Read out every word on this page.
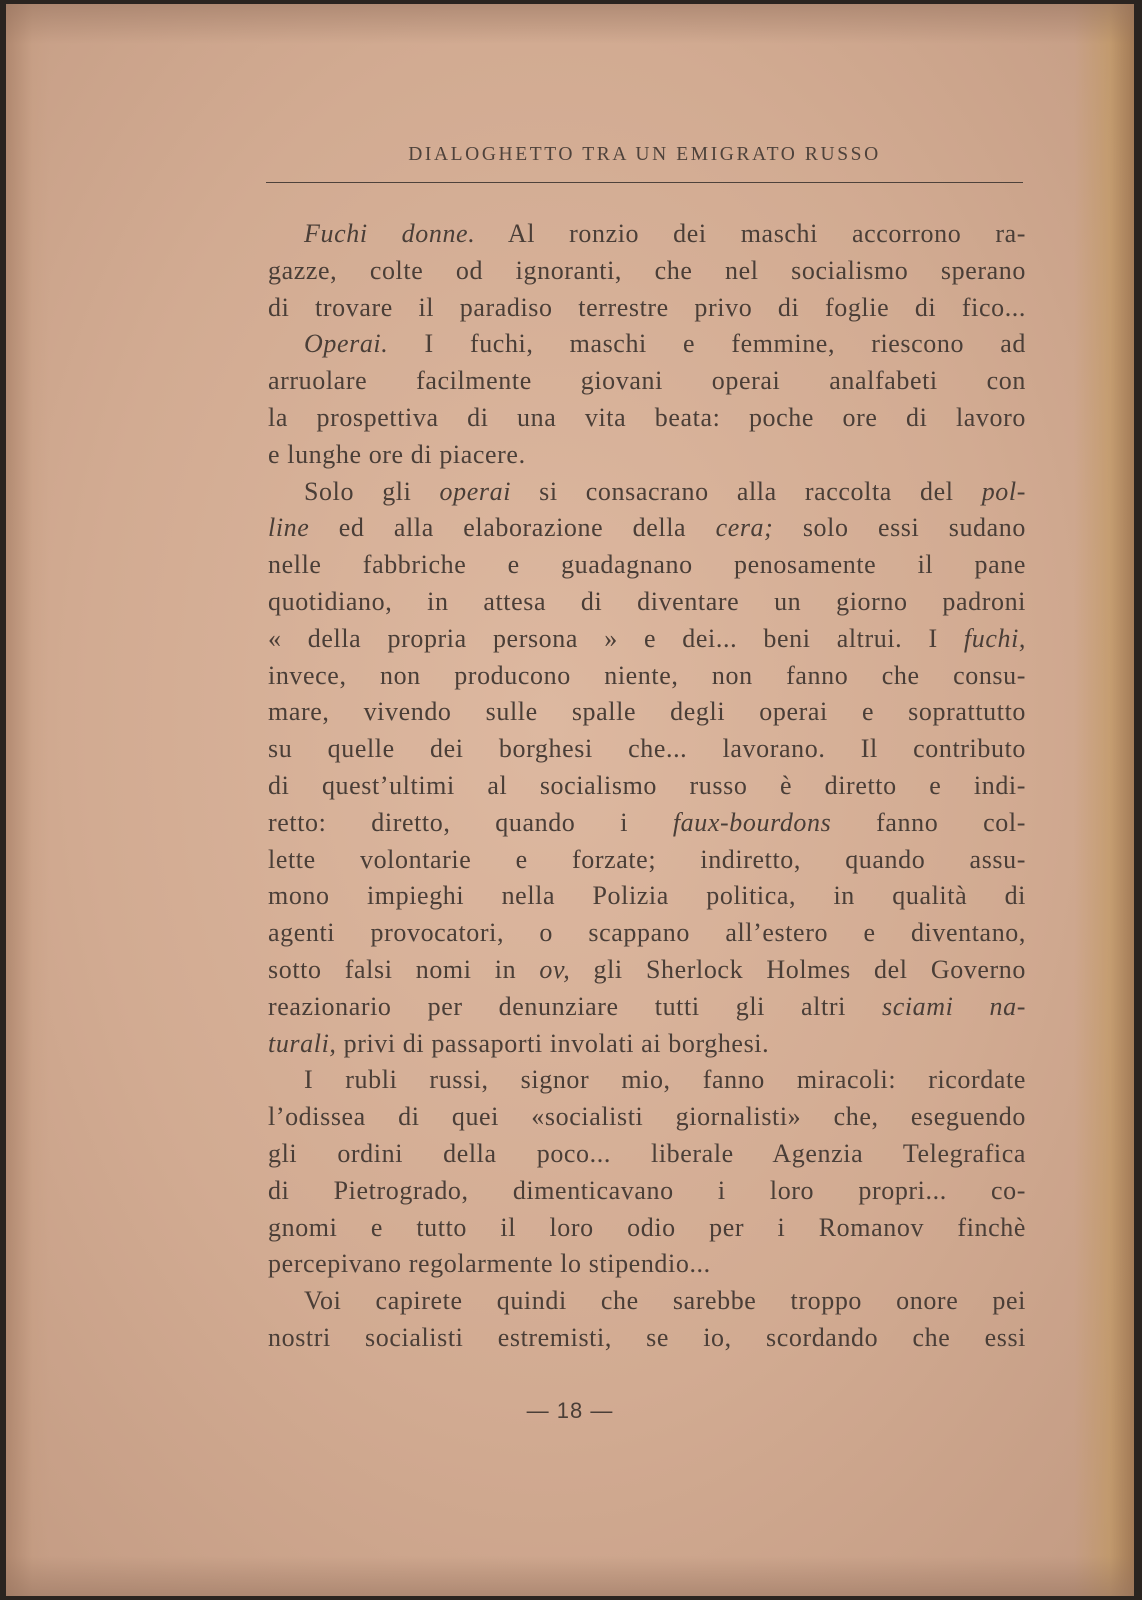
DIALOGHETTO TRA UN EMIGRATO RUSSO
Fuchi donne. Al ronzio dei maschi accorrono ra-
gazze, colte od ignoranti, che nel socialismo sperano
di trovare il paradiso terrestre privo di foglie di fico...
Operai. I fuchi, maschi e femmine, riescono ad
arruolare facilmente giovani operai analfabeti con
la prospettiva di una vita beata: poche ore di lavoro
e lunghe ore di piacere.
Solo gli operai si consacrano alla raccolta del pol-
line ed alla elaborazione della cera; solo essi sudano
nelle fabbriche e guadagnano penosamente il pane
quotidiano, in attesa di diventare un giorno padroni
« della propria persona » e dei... beni altrui. I fuchi,
invece, non producono niente, non fanno che consu-
mare, vivendo sulle spalle degli operai e soprattutto
su quelle dei borghesi che... lavorano. Il contributo
di quest’ultimi al socialismo russo è diretto e indi-
retto: diretto, quando i faux-bourdons fanno col-
lette volontarie e forzate; indiretto, quando assu-
mono impieghi nella Polizia politica, in qualità di
agenti provocatori, o scappano all’estero e diventano,
sotto falsi nomi in ov, gli Sherlock Holmes del Governo
reazionario per denunziare tutti gli altri sciami na-
turali, privi di passaporti involati ai borghesi.
I rubli russi, signor mio, fanno miracoli: ricordate
l’odissea di quei «socialisti giornalisti» che, eseguendo
gli ordini della poco... liberale Agenzia Telegrafica
di Pietrogrado, dimenticavano i loro propri... co-
gnomi e tutto il loro odio per i Romanov finchè
percepivano regolarmente lo stipendio...
Voi capirete quindi che sarebbe troppo onore pei
nostri socialisti estremisti, se io, scordando che essi
— 18 —
